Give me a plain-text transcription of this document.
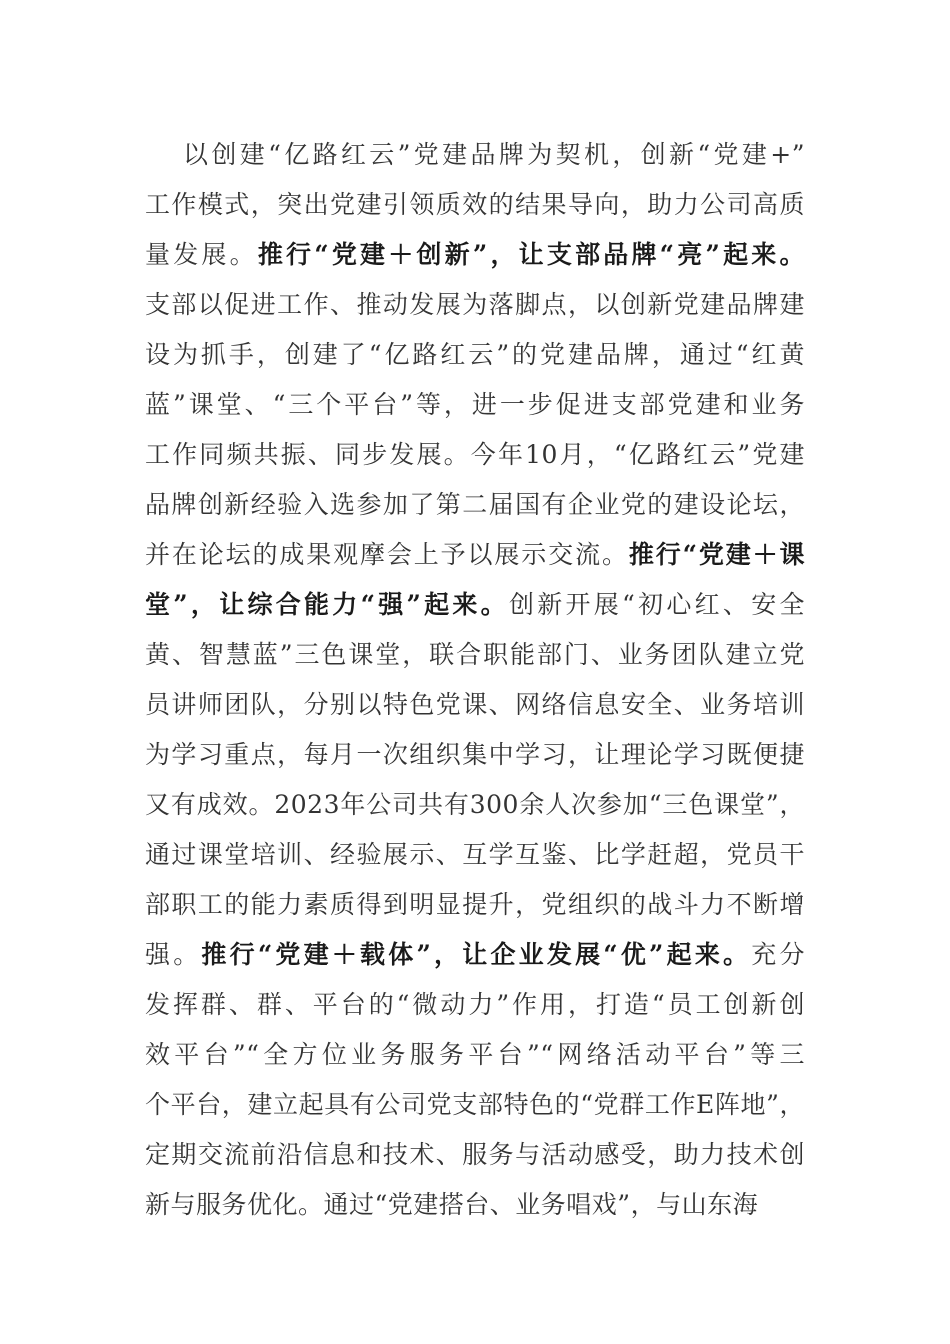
以创建“亿路红云”党建品牌为契机，创新“党建+”
工作模式，突出党建引领质效的结果导向，助力公司高质
量发展。推行“党建＋创新”，让支部品牌“亮”起来。
支部以促进工作、推动发展为落脚点，以创新党建品牌建
设为抓手，创建了“亿路红云”的党建品牌，通过“红黄
蓝”课堂、“三个平台”等，进一步促进支部党建和业务
工作同频共振、同步发展。今年10月，“亿路红云”党建
品牌创新经验入选参加了第二届国有企业党的建设论坛，
并在论坛的成果观摩会上予以展示交流。推行“党建＋课
堂”，让综合能力“强”起来。创新开展“初心红、安全
黄、智慧蓝”三色课堂，联合职能部门、业务团队建立党
员讲师团队，分别以特色党课、网络信息安全、业务培训
为学习重点，每月一次组织集中学习，让理论学习既便捷
又有成效。2023年公司共有300余人次参加“三色课堂”，
通过课堂培训、经验展示、互学互鉴、比学赶超，党员干
部职工的能力素质得到明显提升，党组织的战斗力不断增
强。推行“党建＋载体”，让企业发展“优”起来。充分
发挥群、群、平台的“微动力”作用，打造“员工创新创
效平台”“全方位业务服务平台”“网络活动平台”等三
个平台，建立起具有公司党支部特色的“党群工作E阵地”，
定期交流前沿信息和技术、服务与活动感受，助力技术创
新与服务优化。通过“党建搭台、业务唱戏”，与山东海
